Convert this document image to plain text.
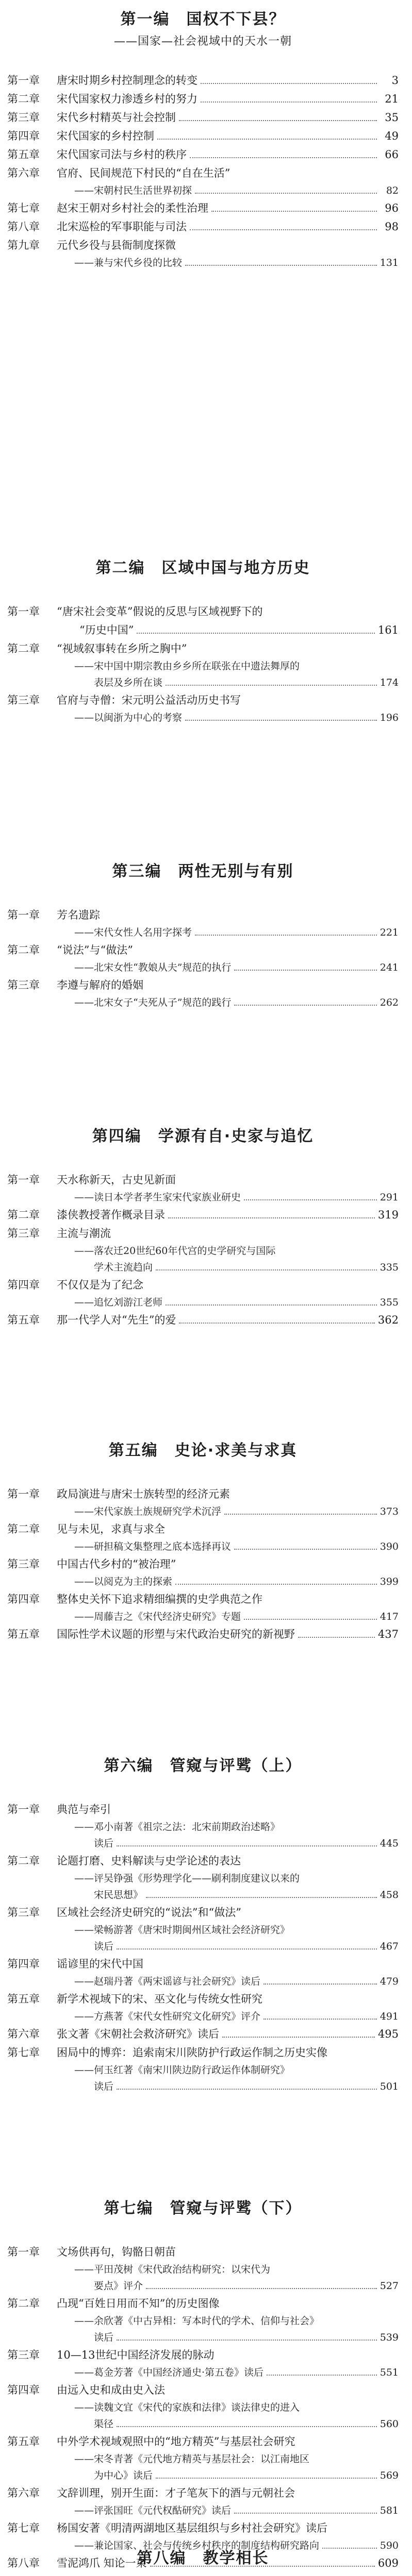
第一编　国权不下县？
——国家—社会视域中的天水一朝
第一章	唐宋时期乡村控制理念的转变	3
第二章	宋代国家权力渗透乡村的努力	21
第三章	宋代乡村精英与社会控制	35
第四章	宋代国家的乡村控制	49
第五章	宋代国家司法与乡村的秩序	66
第六章	官府、民间规范下村民的“自在生活”
——宋朝村民生活世界初探	82
第七章	赵宋王朝对乡村社会的柔性治理	96
第八章	北宋巡检的军事职能与司法	98
第九章	元代乡役与县衙制度探微
——兼与宋代乡役的比较	131
第二编　区域中国与地方历史
第一章	“唐宋社会变革”假说的反思与区域视野下的
“历史中国”	161
第二章	“视域叙事转在乡所之胸中”
——宋中国中期宗教由乡乡所在联张在中遗法舞厚的
表层及乡所在谈	174
第三章	官府与寺僧：宋元明公益活动历史书写
——以闽浙为中心的考察	196
第三编　两性无别与有别
第一章	芳名遗踪
——宋代女性人名用字探考	221
第二章	“说法”与“做法”
——北宋女性“教娘从夫”规范的执行	241
第三章	李遵与解府的婚姻
——北宋女子“夫死从子”规范的践行	262
第四编　学源有自·史家与追忆
第一章	天水称新天，古史见新面
——读日本学者孝生家宋代家族业研史	291
第二章	漆侠教授著作概录目录	319
第三章	主流与潮流
——落农迁20世纪60年代宫的史学研究与国际
学术主流趋向	335
第四章	不仅仅是为了纪念
——追忆刘游江老师	355
第五章	那一代学人对“先生”的爱	362
第五编　史论·求美与求真
第一章	政局演进与唐宋士族转型的经济元素
——宋代家族土族规研究学术沉浮	373
第二章	见与未见，求真与求全
——研担稿文集整理之底本选择再议	390
第三章	中国古代乡村的“被治理”
——以阅克为主的探索	399
第四章	整体史关怀下追求精细编撰的史学典范之作
——周藤吉之《宋代经济史研究》专题	417
第五章	国际性学术议题的形塑与宋代政治史研究的新视野	437
第六编　管窥与评骘（上）
第一章	典范与牵引
——邓小南著《祖宗之法：北宋前期政治述略》
读后	445
第二章	论题打磨、史料解读与史学论述的表达
——评吴铮强《形势理学化——刷利制度建议以来的
宋民思想》	458
第三章	区域社会经济史研究的“说法”和“做法”
——梁畅游著《唐宋时期闽州区域社会经济研究》
读后	467
第四章	谣谚里的宋代中国
——赵瑞丹著《两宋谣谚与社会研究》读后	479
第五章	新学术视域下的宋、巫文化与传统女性研究
——方燕著《宋代女性研究文化研究》评介	491
第六章	张文著《宋朝社会救济研究》读后	495
第七章	困局中的博弈：追索南宋川陕防护行政运作制之历史实像
——何玉红著《南宋川陕边防行政运作体制研究》
读后	501
第七编　管窥与评骘（下）
第一章	文场供再句，钩骼日朝苗
——平田茂树《宋代政治结构研究：以宋代为
要点》评介	527
第二章	凸现“百姓日用而不知”的历史图像
——余欣著《中古异相：写本时代的学术、信仰与社会》
读后	539
第三章	10—13世纪中国经济发展的脉动
——葛金芳著《中国经济通史·第五卷》读后	551
第四章	由远入史和成由史入法
——读魏文宜《宋代的家族和法律》谈法律史的进入
渠径	560
第五章	中外学术视域观照中的“地方精英”与基层社会研究
——宋冬青著《元代地方精英与基层社会：以江南地区
为中心》读后	569
第六章	文辞训理，别开生面：才子笔灰下的酒与元朝社会
——评张国旺《元代权酤研究》读后	581
第七章	杨国安著《明清两湖地区基层组织与乡村社会研究》读后
——兼论国家、社会与传统乡村秩序的制度结构研究路向	590
第八章	雪泥鸿爪 知论一束	609
第八编　教学相长
